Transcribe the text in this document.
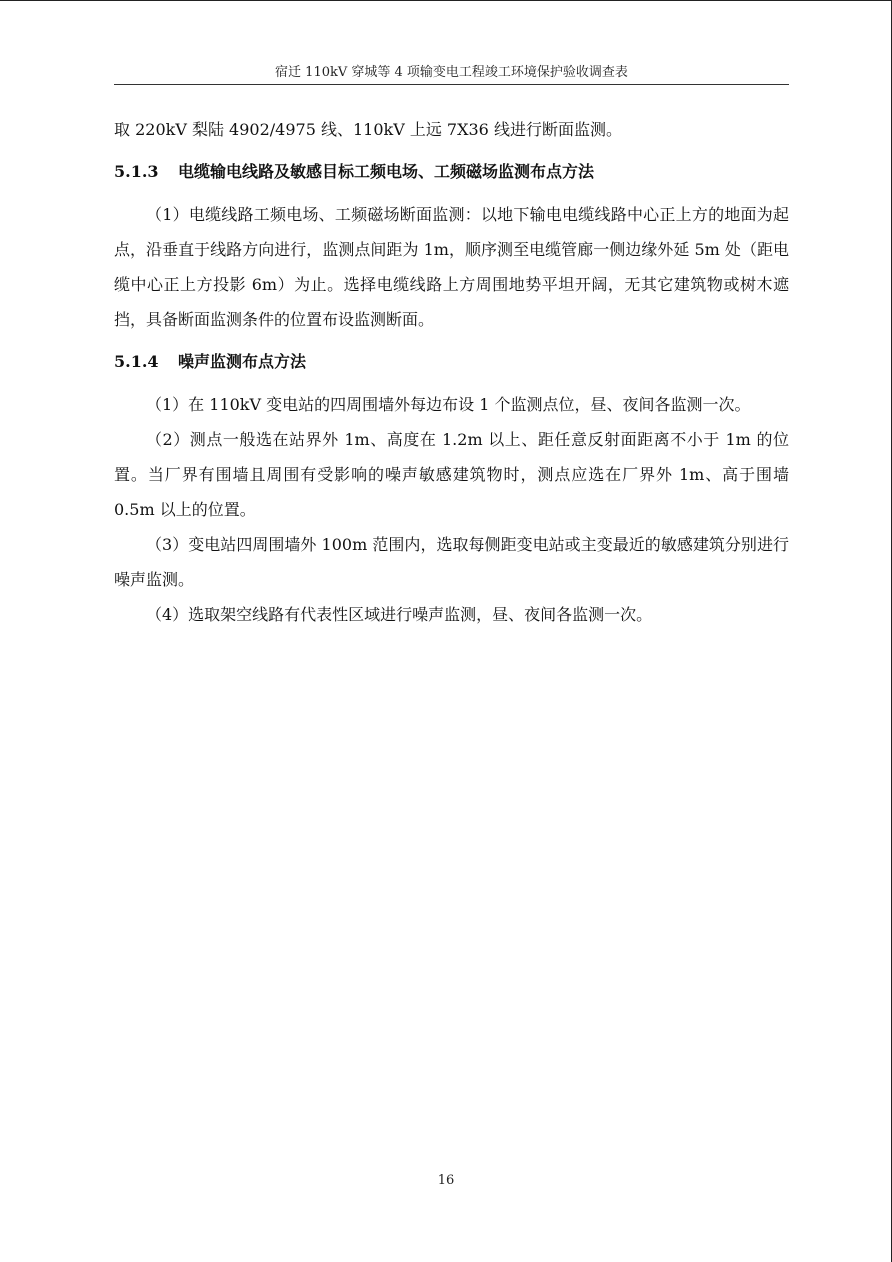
宿迁 110kV 穿城等 4 项输变电工程竣工环境保护验收调查表

取 220kV 梨陆 4902/4975 线、110kV 上远 7X36 线进行断面监测。

5.1.3 电缆输电线路及敏感目标工频电场、工频磁场监测布点方法

（1）电缆线路工频电场、工频磁场断面监测：以地下输电电缆线路中心正上方的地面为起点，沿垂直于线路方向进行，监测点间距为 1m，顺序测至电缆管廊一侧边缘外延 5m 处（距电缆中心正上方投影 6m）为止。选择电缆线路上方周围地势平坦开阔，无其它建筑物或树木遮挡，具备断面监测条件的位置布设监测断面。

5.1.4 噪声监测布点方法

（1）在 110kV 变电站的四周围墙外每边布设 1 个监测点位，昼、夜间各监测一次。

（2）测点一般选在站界外 1m、高度在 1.2m 以上、距任意反射面距离不小于 1m 的位置。当厂界有围墙且周围有受影响的噪声敏感建筑物时，测点应选在厂界外 1m、高于围墙 0.5m 以上的位置。

（3）变电站四周围墙外 100m 范围内，选取每侧距变电站或主变最近的敏感建筑分别进行噪声监测。

（4）选取架空线路有代表性区域进行噪声监测，昼、夜间各监测一次。

16
